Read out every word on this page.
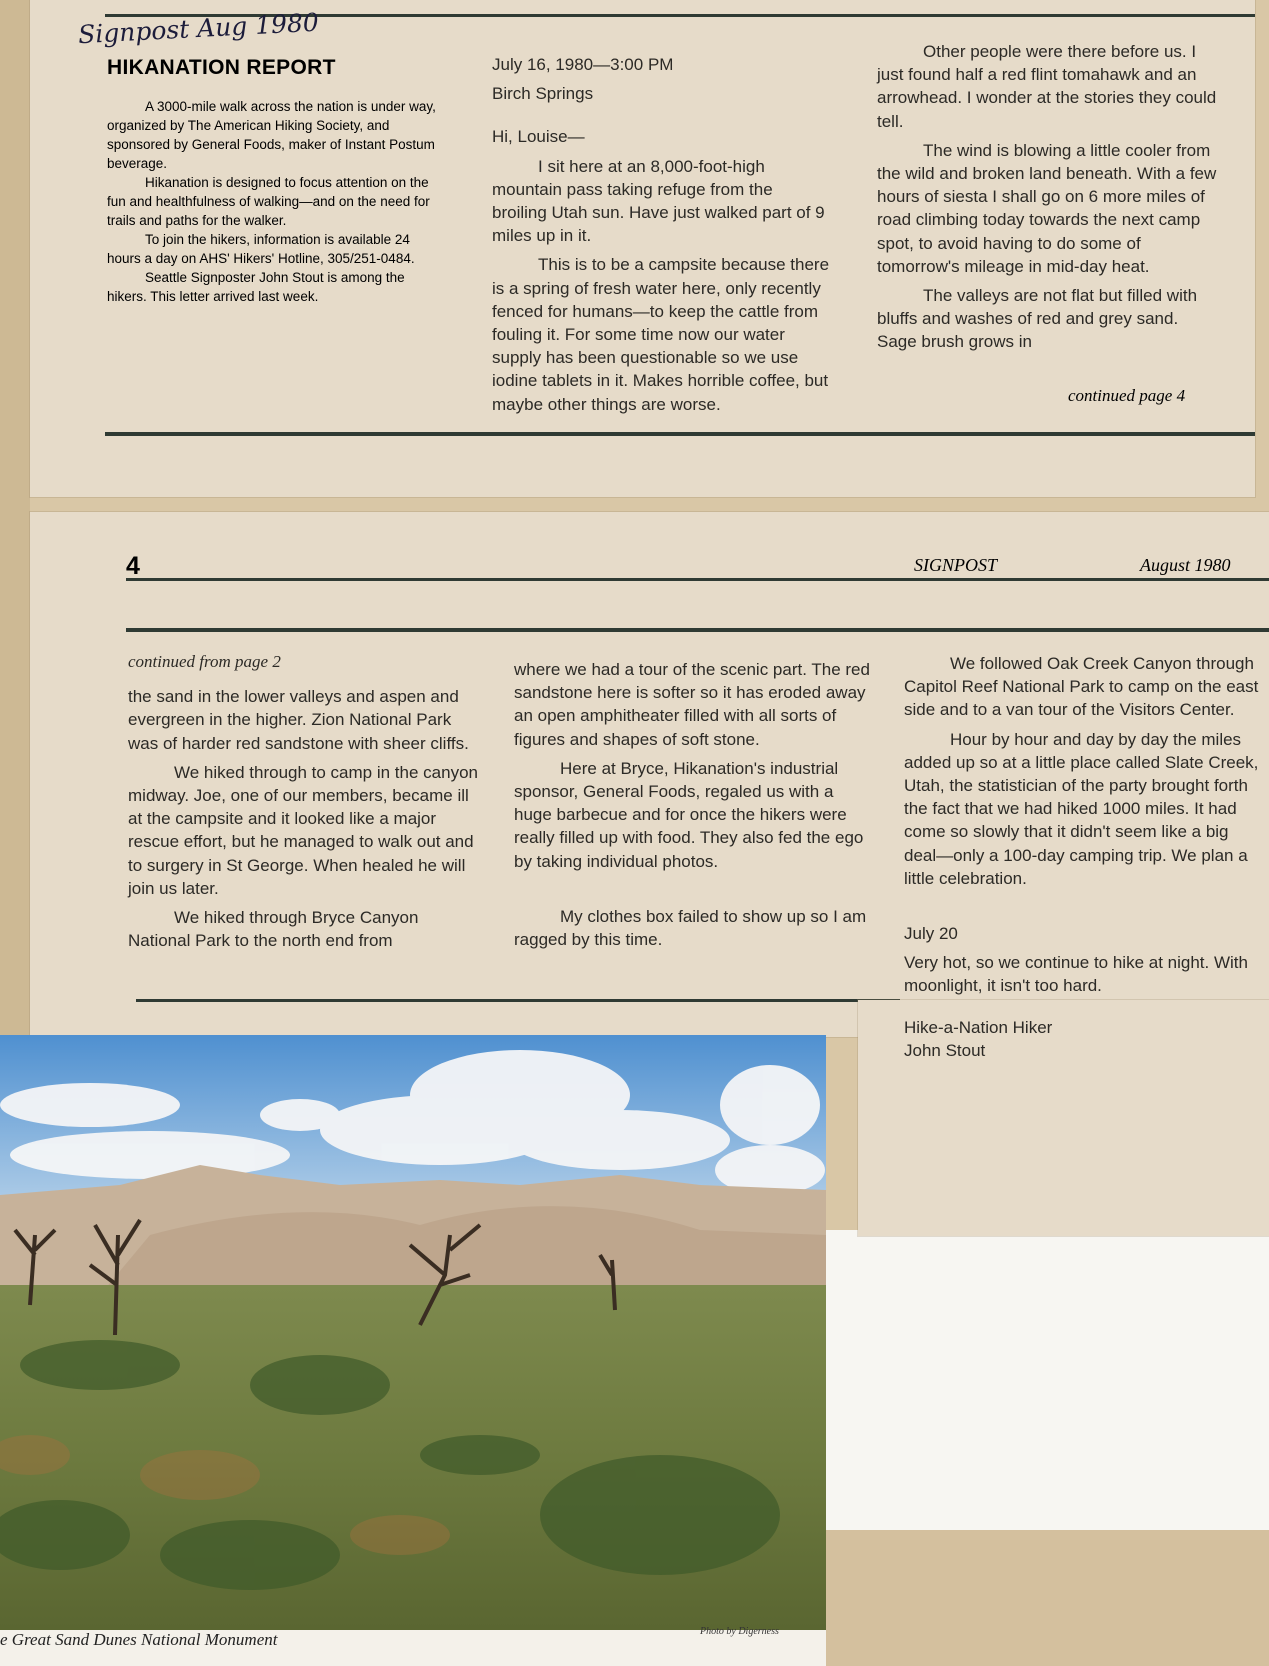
Signpost Aug 1980
HIKANATION REPORT

A 3000-mile walk across the nation is under way, organized by The American Hiking Society, and sponsored by General Foods, maker of Instant Postum beverage.

Hikanation is designed to focus attention on the fun and healthfulness of walking—and on the need for trails and paths for the walker.

To join the hikers, information is available 24 hours a day on AHS' Hikers' Hotline, 305/251-0484.

Seattle Signposter John Stout is among the hikers. This letter arrived last week.

July 16, 1980—3:00 PM

Birch Springs

Hi, Louise—

I sit here at an 8,000-foot-high mountain pass taking refuge from the broiling Utah sun. Have just walked part of 9 miles up in it.

This is to be a campsite because there is a spring of fresh water here, only recently fenced for humans—to keep the cattle from fouling it. For some time now our water supply has been questionable so we use iodine tablets in it. Makes horrible coffee, but maybe other things are worse.

Other people were there before us. I just found half a red flint tomahawk and an arrowhead. I wonder at the stories they could tell.

The wind is blowing a little cooler from the wild and broken land beneath. With a few hours of siesta I shall go on 6 more miles of road climbing today towards the next camp spot, to avoid having to do some of tomorrow's mileage in mid-day heat.

The valleys are not flat but filled with bluffs and washes of red and grey sand. Sage brush grows in

continued page 4
4	SIGNPOST	August 1980

continued from page 2

the sand in the lower valleys and aspen and evergreen in the higher. Zion National Park was of harder red sandstone with sheer cliffs.

We hiked through to camp in the canyon midway. Joe, one of our members, became ill at the campsite and it looked like a major rescue effort, but he managed to walk out and to surgery in St George. When healed he will join us later.

We hiked through Bryce Canyon National Park to the north end from

where we had a tour of the scenic part. The red sandstone here is softer so it has eroded away an open amphitheater filled with all sorts of figures and shapes of soft stone.

Here at Bryce, Hikanation's industrial sponsor, General Foods, regaled us with a huge barbecue and for once the hikers were really filled up with food. They also fed the ego by taking individual photos.

My clothes box failed to show up so I am ragged by this time.

We followed Oak Creek Canyon through Capitol Reef National Park to camp on the east side and to a van tour of the Visitors Center.

Hour by hour and day by day the miles added up so at a little place called Slate Creek, Utah, the statistician of the party brought forth the fact that we had hiked 1000 miles. It had come so slowly that it didn't seem like a big deal—only a 100-day camping trip. We plan a little celebration.

July 20

Very hot, so we continue to hike at night. With moonlight, it isn't too hard.

Hike-a-Nation Hiker

John Stout

e Great Sand Dunes National Monument	Photo by Digerness
